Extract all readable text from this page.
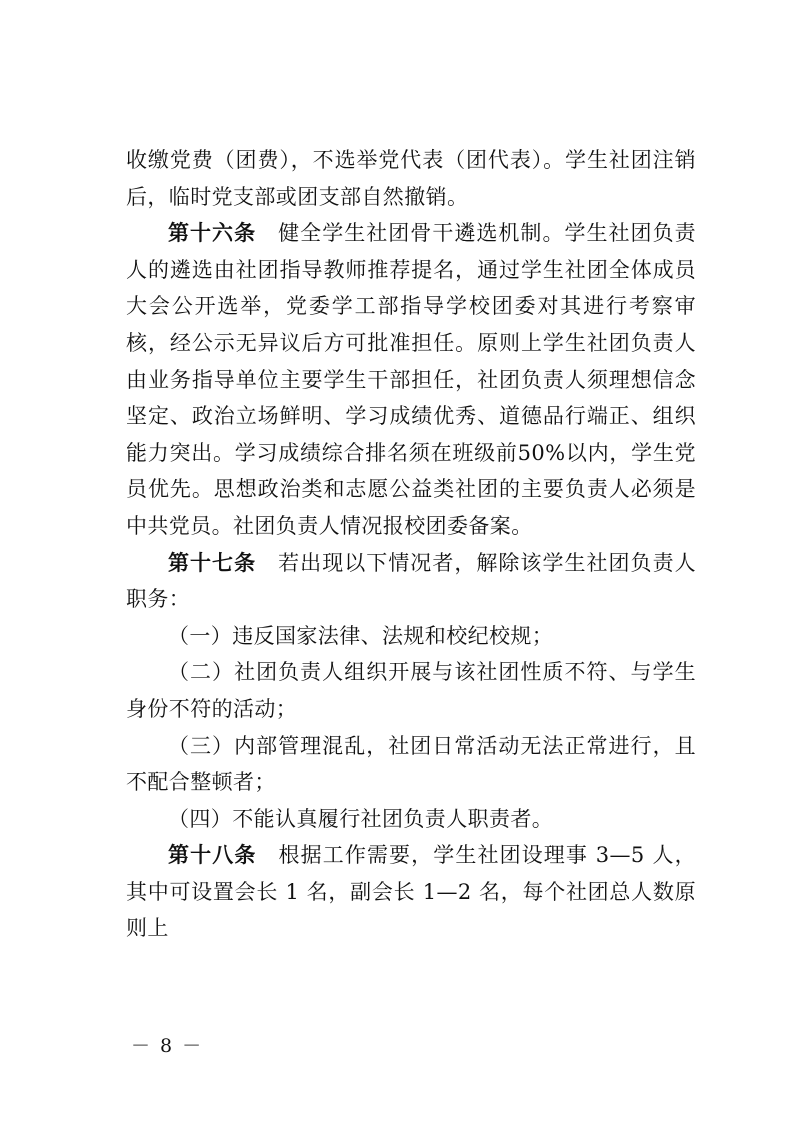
收缴党费（团费），不选举党代表（团代表）。学生社团注销后，临时党支部或团支部自然撤销。

第十六条　 健全学生社团骨干遴选机制。学生社团负责人的遴选由社团指导教师推荐提名，通过学生社团全体成员大会公开选举，党委学工部指导学校团委对其进行考察审核，经公示无异议后方可批准担任。原则上学生社团负责人由业务指导单位主要学生干部担任，社团负责人须理想信念坚定、政治立场鲜明、学习成绩优秀、道德品行端正、组织能力突出。学习成绩综合排名须在班级前50%以内，学生党员优先。思想政治类和志愿公益类社团的主要负责人必须是中共党员。社团负责人情况报校团委备案。

第十七条　 若出现以下情况者，解除该学生社团负责人职务：

（一）违反国家法律、法规和校纪校规；

（二）社团负责人组织开展与该社团性质不符、与学生身份不符的活动；

（三）内部管理混乱，社团日常活动无法正常进行，且不配合整顿者；

（四）不能认真履行社团负责人职责者。

第十八条　 根据工作需要，学生社团设理事 3—5 人，其中可设置会长 1 名，副会长 1—2 名，每个社团总人数原则上

－ 8 －
